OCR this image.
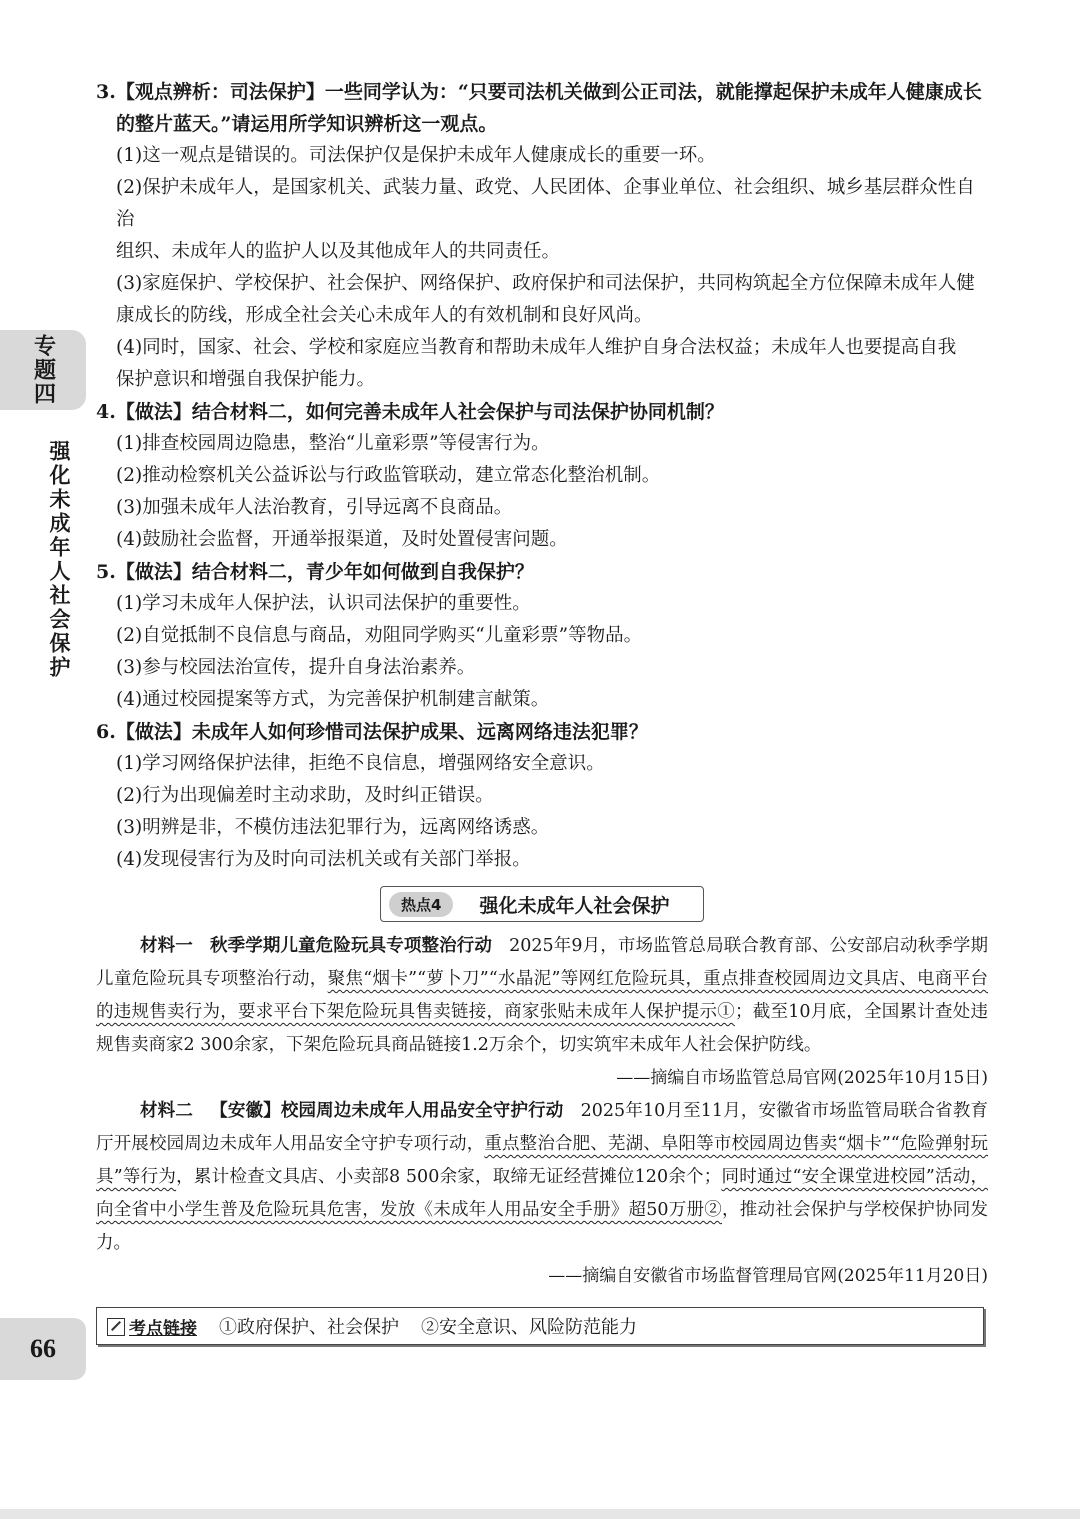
专题四
强化未成年人社会保护
66

3.【观点辨析：司法保护】一些同学认为：“只要司法机关做到公正司法，就能撑起保护未成年人健康成长
的整片蓝天。”请运用所学知识辨析这一观点。

(1)这一观点是错误的。司法保护仅是保护未成年人健康成长的重要一环。

(2)保护未成年人，是国家机关、武装力量、政党、人民团体、企事业单位、社会组织、城乡基层群众性自治
组织、未成年人的监护人以及其他成年人的共同责任。

(3)家庭保护、学校保护、社会保护、网络保护、政府保护和司法保护，共同构筑起全方位保障未成年人健
康成长的防线，形成全社会关心未成年人的有效机制和良好风尚。

(4)同时，国家、社会、学校和家庭应当教育和帮助未成年人维护自身合法权益；未成年人也要提高自我
保护意识和增强自我保护能力。

4.【做法】结合材料二，如何完善未成年人社会保护与司法保护协同机制？

(1)排查校园周边隐患，整治“儿童彩票”等侵害行为。

(2)推动检察机关公益诉讼与行政监管联动，建立常态化整治机制。

(3)加强未成年人法治教育，引导远离不良商品。

(4)鼓励社会监督，开通举报渠道，及时处置侵害问题。

5.【做法】结合材料二，青少年如何做到自我保护？

(1)学习未成年人保护法，认识司法保护的重要性。

(2)自觉抵制不良信息与商品，劝阻同学购买“儿童彩票”等物品。

(3)参与校园法治宣传，提升自身法治素养。

(4)通过校园提案等方式，为完善保护机制建言献策。

6.【做法】未成年人如何珍惜司法保护成果、远离网络违法犯罪？

(1)学习网络保护法律，拒绝不良信息，增强网络安全意识。

(2)行为出现偏差时主动求助，及时纠正错误。

(3)明辨是非，不模仿违法犯罪行为，远离网络诱惑。

(4)发现侵害行为及时向司法机关或有关部门举报。

热点4	强化未成年人社会保护

材料一 秋季学期儿童危险玩具专项整治行动 2025年9月，市场监管总局联合教育部、公安部启动秋季学期儿童危险玩具专项整治行动，聚焦“烟卡”“萝卜刀”“水晶泥”等网红危险玩具，重点排查校园周边文具店、电商平台的违规售卖行为，要求平台下架危险玩具售卖链接，商家张贴未成年人保护提示①；截至10月底，全国累计查处违规售卖商家2 300余家，下架危险玩具商品链接1.2万余个，切实筑牢未成年人社会保护防线。

——摘编自市场监管总局官网(2025年10月15日)

材料二 【安徽】校园周边未成年人用品安全守护行动 2025年10月至11月，安徽省市场监管局联合省教育厅开展校园周边未成年人用品安全守护专项行动，重点整治合肥、芜湖、阜阳等市校园周边售卖“烟卡”“危险弹射玩具”等行为，累计检查文具店、小卖部8 500余家，取缔无证经营摊位120余个；同时通过“安全课堂进校园”活动，向全省中小学生普及危险玩具危害，发放《未成年人用品安全手册》超50万册②，推动社会保护与学校保护协同发力。

——摘编自安徽省市场监督管理局官网(2025年11月20日)

考点链接 ①政府保护、社会保护 ②安全意识、风险防范能力
